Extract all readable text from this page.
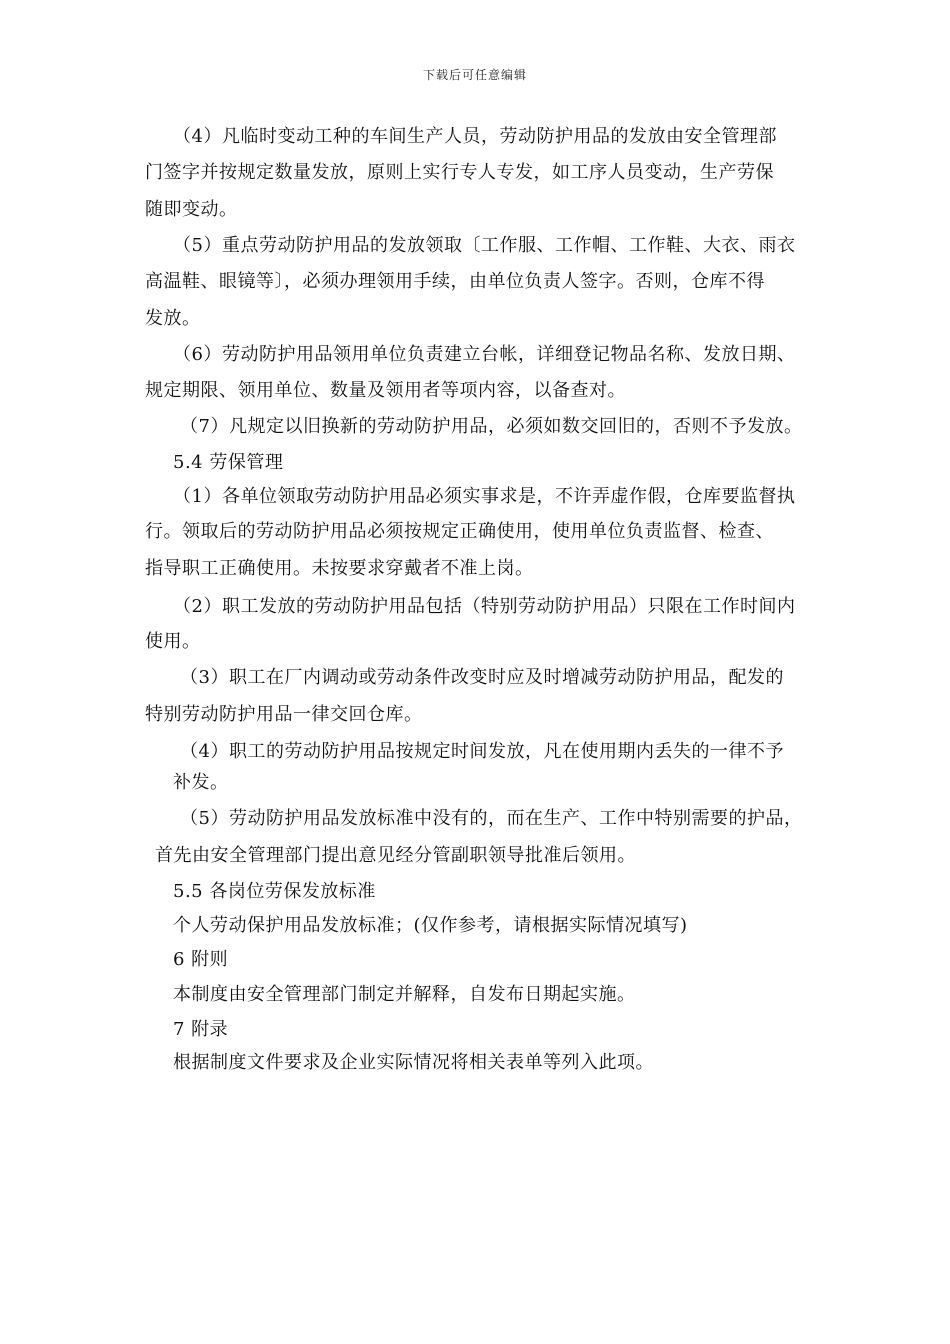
下载后可任意编辑
（4）凡临时变动工种的车间生产人员，劳动防护用品的发放由安全管理部
门签字并按规定数量发放，原则上实行专人专发，如工序人员变动，生产劳保
随即变动。
（5）重点劳动防护用品的发放领取〔工作服、工作帽、工作鞋、大衣、雨衣
高温鞋、眼镜等〕，必须办理领用手续，由单位负责人签字。否则，仓库不得
发放。
（6）劳动防护用品领用单位负责建立台帐，详细登记物品名称、发放日期、
规定期限、领用单位、数量及领用者等项内容，以备查对。
（7）凡规定以旧换新的劳动防护用品，必须如数交回旧的，否则不予发放。
5.4 劳保管理
（1）各单位领取劳动防护用品必须实事求是，不许弄虚作假，仓库要监督执
行。领取后的劳动防护用品必须按规定正确使用，使用单位负责监督、检查、
指导职工正确使用。未按要求穿戴者不准上岗。
（2）职工发放的劳动防护用品包括（特别劳动防护用品）只限在工作时间内
使用。
（3）职工在厂内调动或劳动条件改变时应及时增减劳动防护用品，配发的
特别劳动防护用品一律交回仓库。
（4）职工的劳动防护用品按规定时间发放，凡在使用期内丢失的一律不予
补发。
（5）劳动防护用品发放标准中没有的，而在生产、工作中特别需要的护品，
首先由安全管理部门提出意见经分管副职领导批准后领用。
5.5 各岗位劳保发放标准
个人劳动保护用品发放标准；(仅作参考，请根据实际情况填写)
6 附则
本制度由安全管理部门制定并解释，自发布日期起实施。
7 附录
根据制度文件要求及企业实际情况将相关表单等列入此项。
